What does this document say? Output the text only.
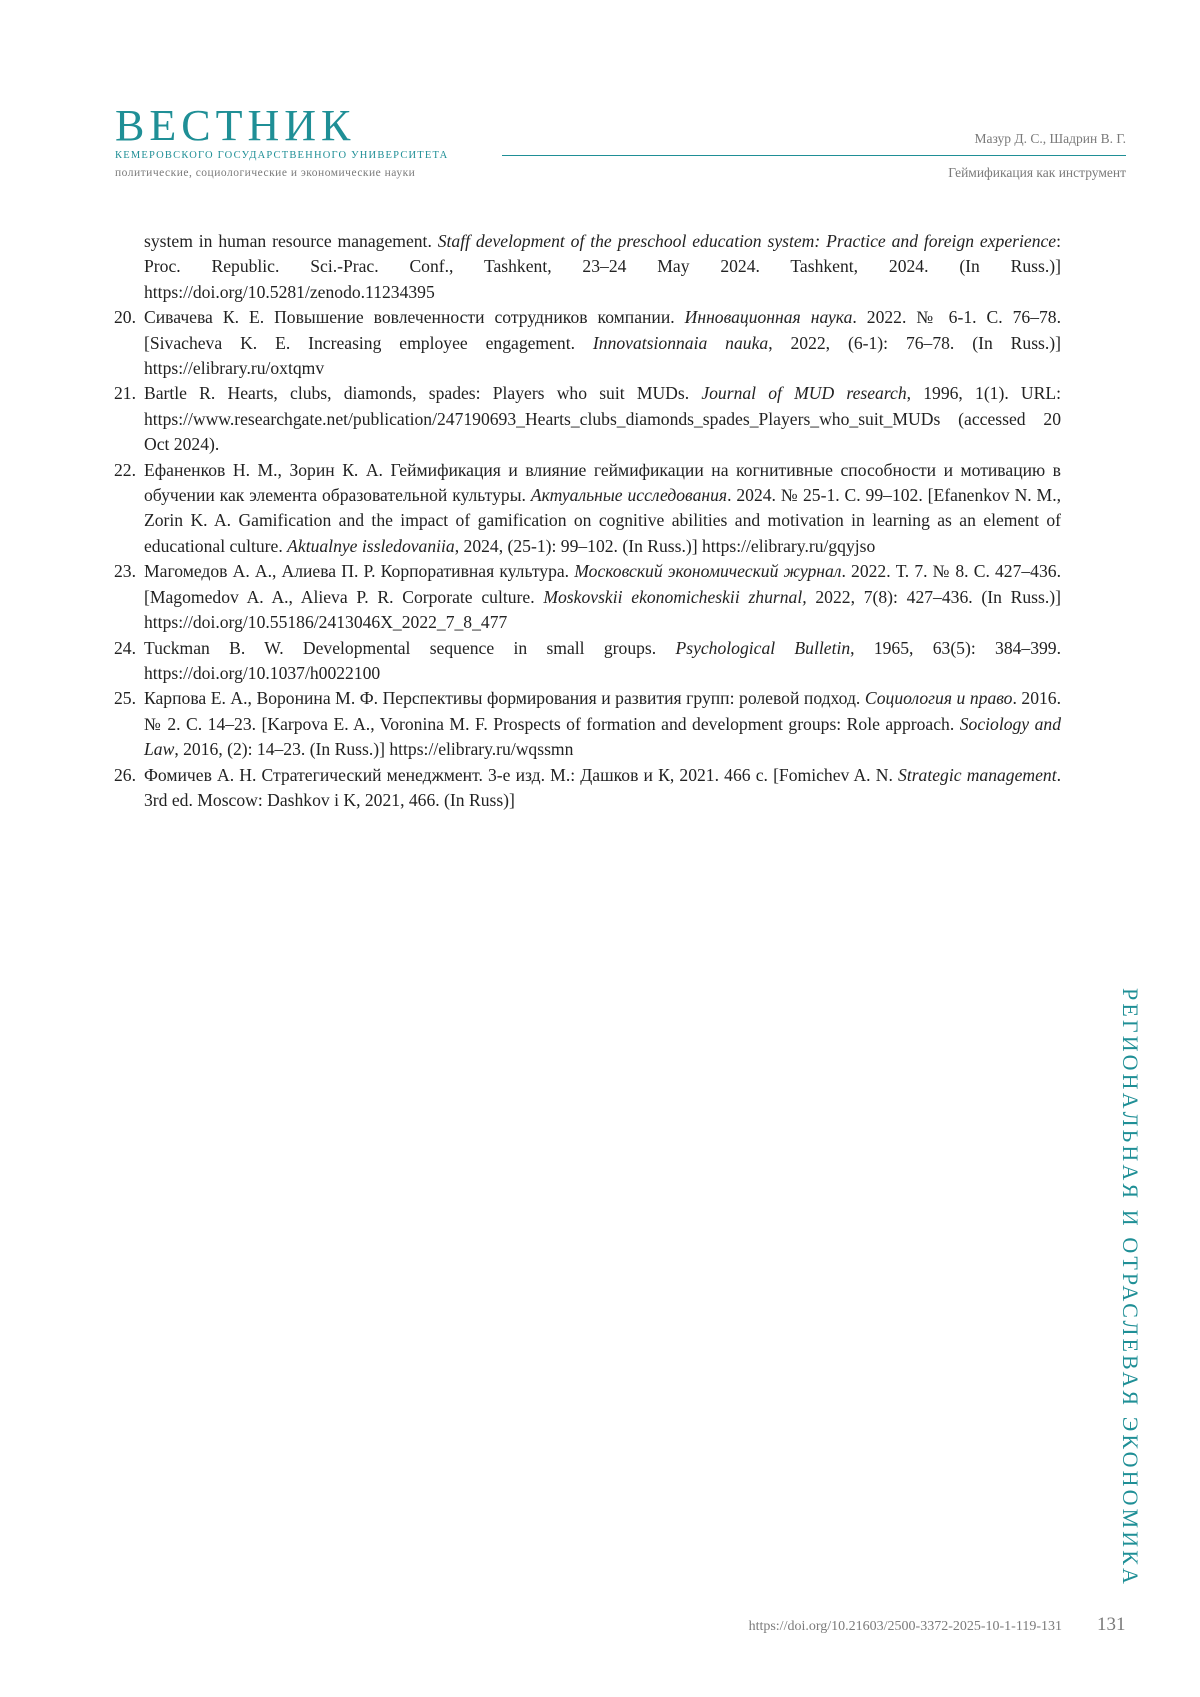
ВЕСТНИК
КЕМЕРОВСКОГО ГОСУДАРСТВЕННОГО УНИВЕРСИТЕТА
политические, социологические и экономические науки
Мазур Д. С., Шадрин В. Г.
Геймификация как инструмент
system in human resource management. Staff development of the preschool education system: Practice and foreign experience: Proc. Republic. Sci.-Prac. Conf., Tashkent, 23–24 May 2024. Tashkent, 2024. (In Russ.)] https://doi.org/10.5281/zenodo.11234395
20. Сивачева К. Е. Повышение вовлеченности сотрудников компании. Инновационная наука. 2022. № 6-1. С. 76–78. [Sivacheva K. E. Increasing employee engagement. Innovatsionnaia nauka, 2022, (6-1): 76–78. (In Russ.)] https://elibrary.ru/oxtqmv
21. Bartle R. Hearts, clubs, diamonds, spades: Players who suit MUDs. Journal of MUD research, 1996, 1(1). URL: https://www.researchgate.net/publication/247190693_Hearts_clubs_diamonds_spades_Players_who_suit_MUDs (accessed 20 Oct 2024).
22. Ефаненков Н. М., Зорин К. А. Геймификация и влияние геймификации на когнитивные способности и мотивацию в обучении как элемента образовательной культуры. Актуальные исследования. 2024. № 25-1. С. 99–102. [Efanenkov N. M., Zorin K. A. Gamification and the impact of gamification on cognitive abilities and motivation in learning as an element of educational culture. Aktualnye issledovaniia, 2024, (25-1): 99–102. (In Russ.)] https://elibrary.ru/gqyjso
23. Магомедов А. А., Алиева П. Р. Корпоративная культура. Московский экономический журнал. 2022. Т. 7. № 8. С. 427–436. [Magomedov A. A., Alieva P. R. Corporate culture. Moskovskii ekonomicheskii zhurnal, 2022, 7(8): 427–436. (In Russ.)] https://doi.org/10.55186/2413046X_2022_7_8_477
24. Tuckman B. W. Developmental sequence in small groups. Psychological Bulletin, 1965, 63(5): 384–399. https://doi.org/10.1037/h0022100
25. Карпова Е. А., Воронина М. Ф. Перспективы формирования и развития групп: ролевой подход. Социология и право. 2016. № 2. С. 14–23. [Karpova E. A., Voronina M. F. Prospects of formation and development groups: Role approach. Sociology and Law, 2016, (2): 14–23. (In Russ.)] https://elibrary.ru/wqssmn
26. Фомичев А. Н. Стратегический менеджмент. 3-е изд. М.: Дашков и К, 2021. 466 с. [Fomichev A. N. Strategic management. 3rd ed. Moscow: Dashkov i K, 2021, 466. (In Russ)]
РЕГИОНАЛЬНАЯ И ОТРАСЛЕВАЯ ЭКОНОМИКА
https://doi.org/10.21603/2500-3372-2025-10-1-119-131 131
